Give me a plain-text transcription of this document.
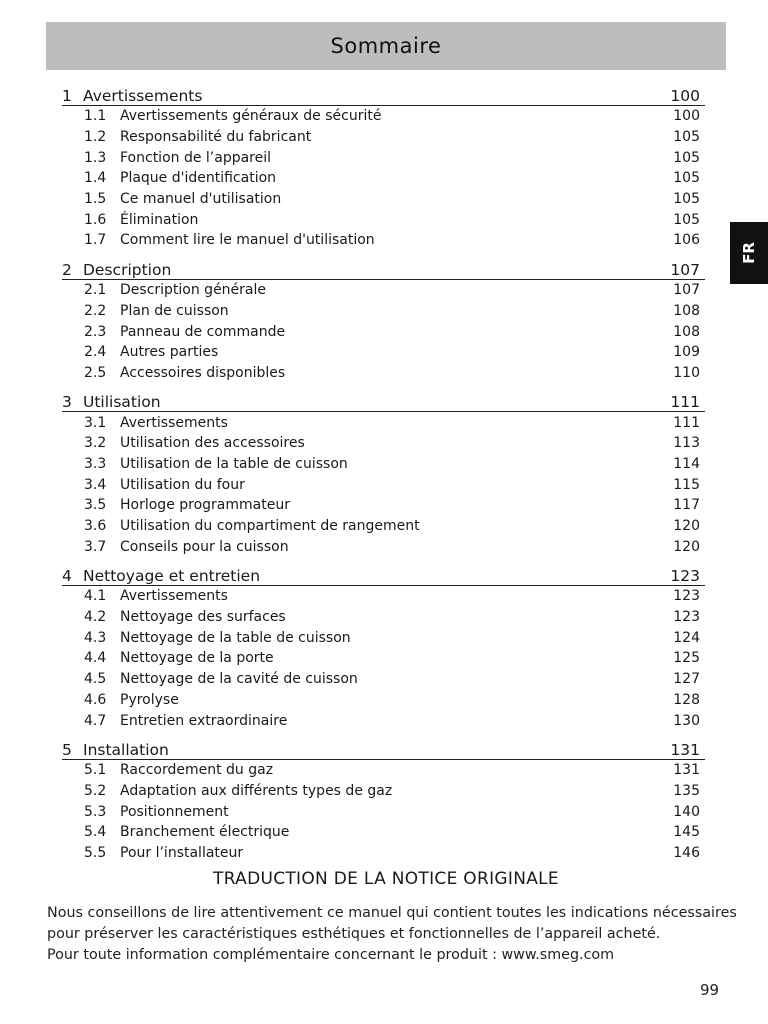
Sommaire
FR
1 Avertissements	100
1.1 Avertissements généraux de sécurité	100
1.2 Responsabilité du fabricant	105
1.3 Fonction de l’appareil	105
1.4 Plaque d'identification	105
1.5 Ce manuel d'utilisation	105
1.6 Élimination	105
1.7 Comment lire le manuel d'utilisation	106
2 Description	107
2.1 Description générale	107
2.2 Plan de cuisson	108
2.3 Panneau de commande	108
2.4 Autres parties	109
2.5 Accessoires disponibles	110
3 Utilisation	111
3.1 Avertissements	111
3.2 Utilisation des accessoires	113
3.3 Utilisation de la table de cuisson	114
3.4 Utilisation du four	115
3.5 Horloge programmateur	117
3.6 Utilisation du compartiment de rangement	120
3.7 Conseils pour la cuisson	120
4 Nettoyage et entretien	123
4.1 Avertissements	123
4.2 Nettoyage des surfaces	123
4.3 Nettoyage de la table de cuisson	124
4.4 Nettoyage de la porte	125
4.5 Nettoyage de la cavité de cuisson	127
4.6 Pyrolyse	128
4.7 Entretien extraordinaire	130
5 Installation	131
5.1 Raccordement du gaz	131
5.2 Adaptation aux différents types de gaz	135
5.3 Positionnement	140
5.4 Branchement électrique	145
5.5 Pour l’installateur	146
TRADUCTION DE LA NOTICE ORIGINALE

Nous conseillons de lire attentivement ce manuel qui contient toutes les indications nécessaires pour préserver les caractéristiques esthétiques et fonctionnelles de l’appareil acheté.

Pour toute information complémentaire concernant le produit : www.smeg.com

99
